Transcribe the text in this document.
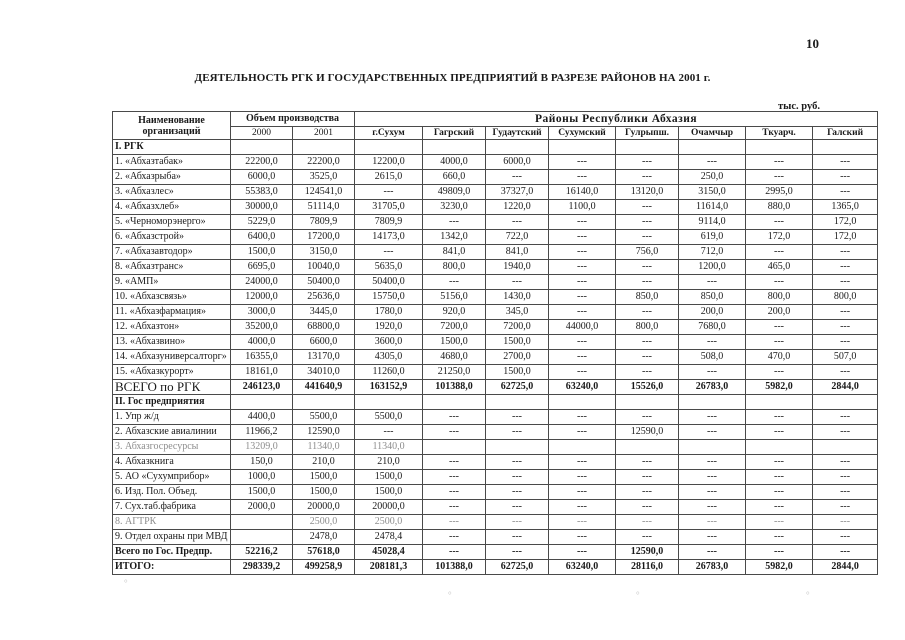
10
ДЕЯТЕЛЬНОСТЬ РГК И ГОСУДАРСТВЕННЫХ ПРЕДПРИЯТИЙ В РАЗРЕЗЕ РАЙОНОВ НА 2001 г.
тыс. руб.
Наименование организаций	Объем производства		Районы Республики Абхазия							
	2000	2001	г.Сухум	Гагрский	Гудаутский	Сухумский	Гулрыпш.	Очамчыр	Ткуарч.	Галский
I. РГК										
1. «Абхазтабак»	22200,0	22200,0	12200,0	4000,0	6000,0	---	---	---	---	---
2. «Абхазрыба»	6000,0	3525,0	2615,0	660,0	---	---	---	250,0	---	---
3. «Абхазлес»	55383,0	124541,0	---	49809,0	37327,0	16140,0	13120,0	3150,0	2995,0	---
4. «Абхазхлеб»	30000,0	51114,0	31705,0	3230,0	1220,0	1100,0	---	11614,0	880,0	1365,0
5. «Черноморэнерго»	5229,0	7809,9	7809,9	---	---	---	---	9114,0	---	172,0
6. «Абхазстрой»	6400,0	17200,0	14173,0	1342,0	722,0	---	---	619,0	172,0	172,0
7. «Абхазавтодор»	1500,0	3150,0	---	841,0	841,0	---	756,0	712,0	---	---
8. «Абхазтранс»	6695,0	10040,0	5635,0	800,0	1940,0	---	---	1200,0	465,0	---
9. «АМП»	24000,0	50400,0	50400,0	---	---	---	---	---	---	---
10. «Абхазсвязь»	12000,0	25636,0	15750,0	5156,0	1430,0	---	850,0	850,0	800,0	800,0
11. «Абхазфармация»	3000,0	3445,0	1780,0	920,0	345,0	---	---	200,0	200,0	---
12. «Абхазтон»	35200,0	68800,0	1920,0	7200,0	7200,0	44000,0	800,0	7680,0	---	---
13. «Абхазвино»	4000,0	6600,0	3600,0	1500,0	1500,0	---	---	---	---	---
14. «Абхазуниверсалторг»	16355,0	13170,0	4305,0	4680,0	2700,0	---	---	508,0	470,0	507,0
15. «Абхазкурорт»	18161,0	34010,0	11260,0	21250,0	1500,0	---	---	---	---	---
ВСЕГО по РГК	246123,0	441640,9	163152,9	101388,0	62725,0	63240,0	15526,0	26783,0	5982,0	2844,0
II. Гос предприятия										
1. Упр ж/д	4400,0	5500,0	5500,0	---	---	---	---	---	---	---
2. Абхазские авиалинии	11966,2	12590,0	---	---	---	---	12590,0	---	---	---
3. Абхазгосресурсы	13209,0	11340,0	11340,0							
4. Абхазкнига	150,0	210,0	210,0	---	---	---	---	---	---	---
5. АО «Сухумприбор»	1000,0	1500,0	1500,0	---	---	---	---	---	---	---
6. Изд. Пол. Объед.	1500,0	1500,0	1500,0	---	---	---	---	---	---	---
7. Сух.таб.фабрика	2000,0	20000,0	20000,0	---	---	---	---	---	---	---
8. АГТРК		2500,0	2500,0	---	---	---	---	---	---	---
9. Отдел охраны при МВД		2478,0	2478,4	---	---	---	---	---	---	---
Всего по Гос. Предпр.	52216,2	57618,0	45028,4	---	---	---	12590,0	---	---	---
ИТОГО:	298339,2	499258,9	208181,3	101388,0	62725,0	63240,0	28116,0	26783,0	5982,0	2844,0
°
°	°	°
